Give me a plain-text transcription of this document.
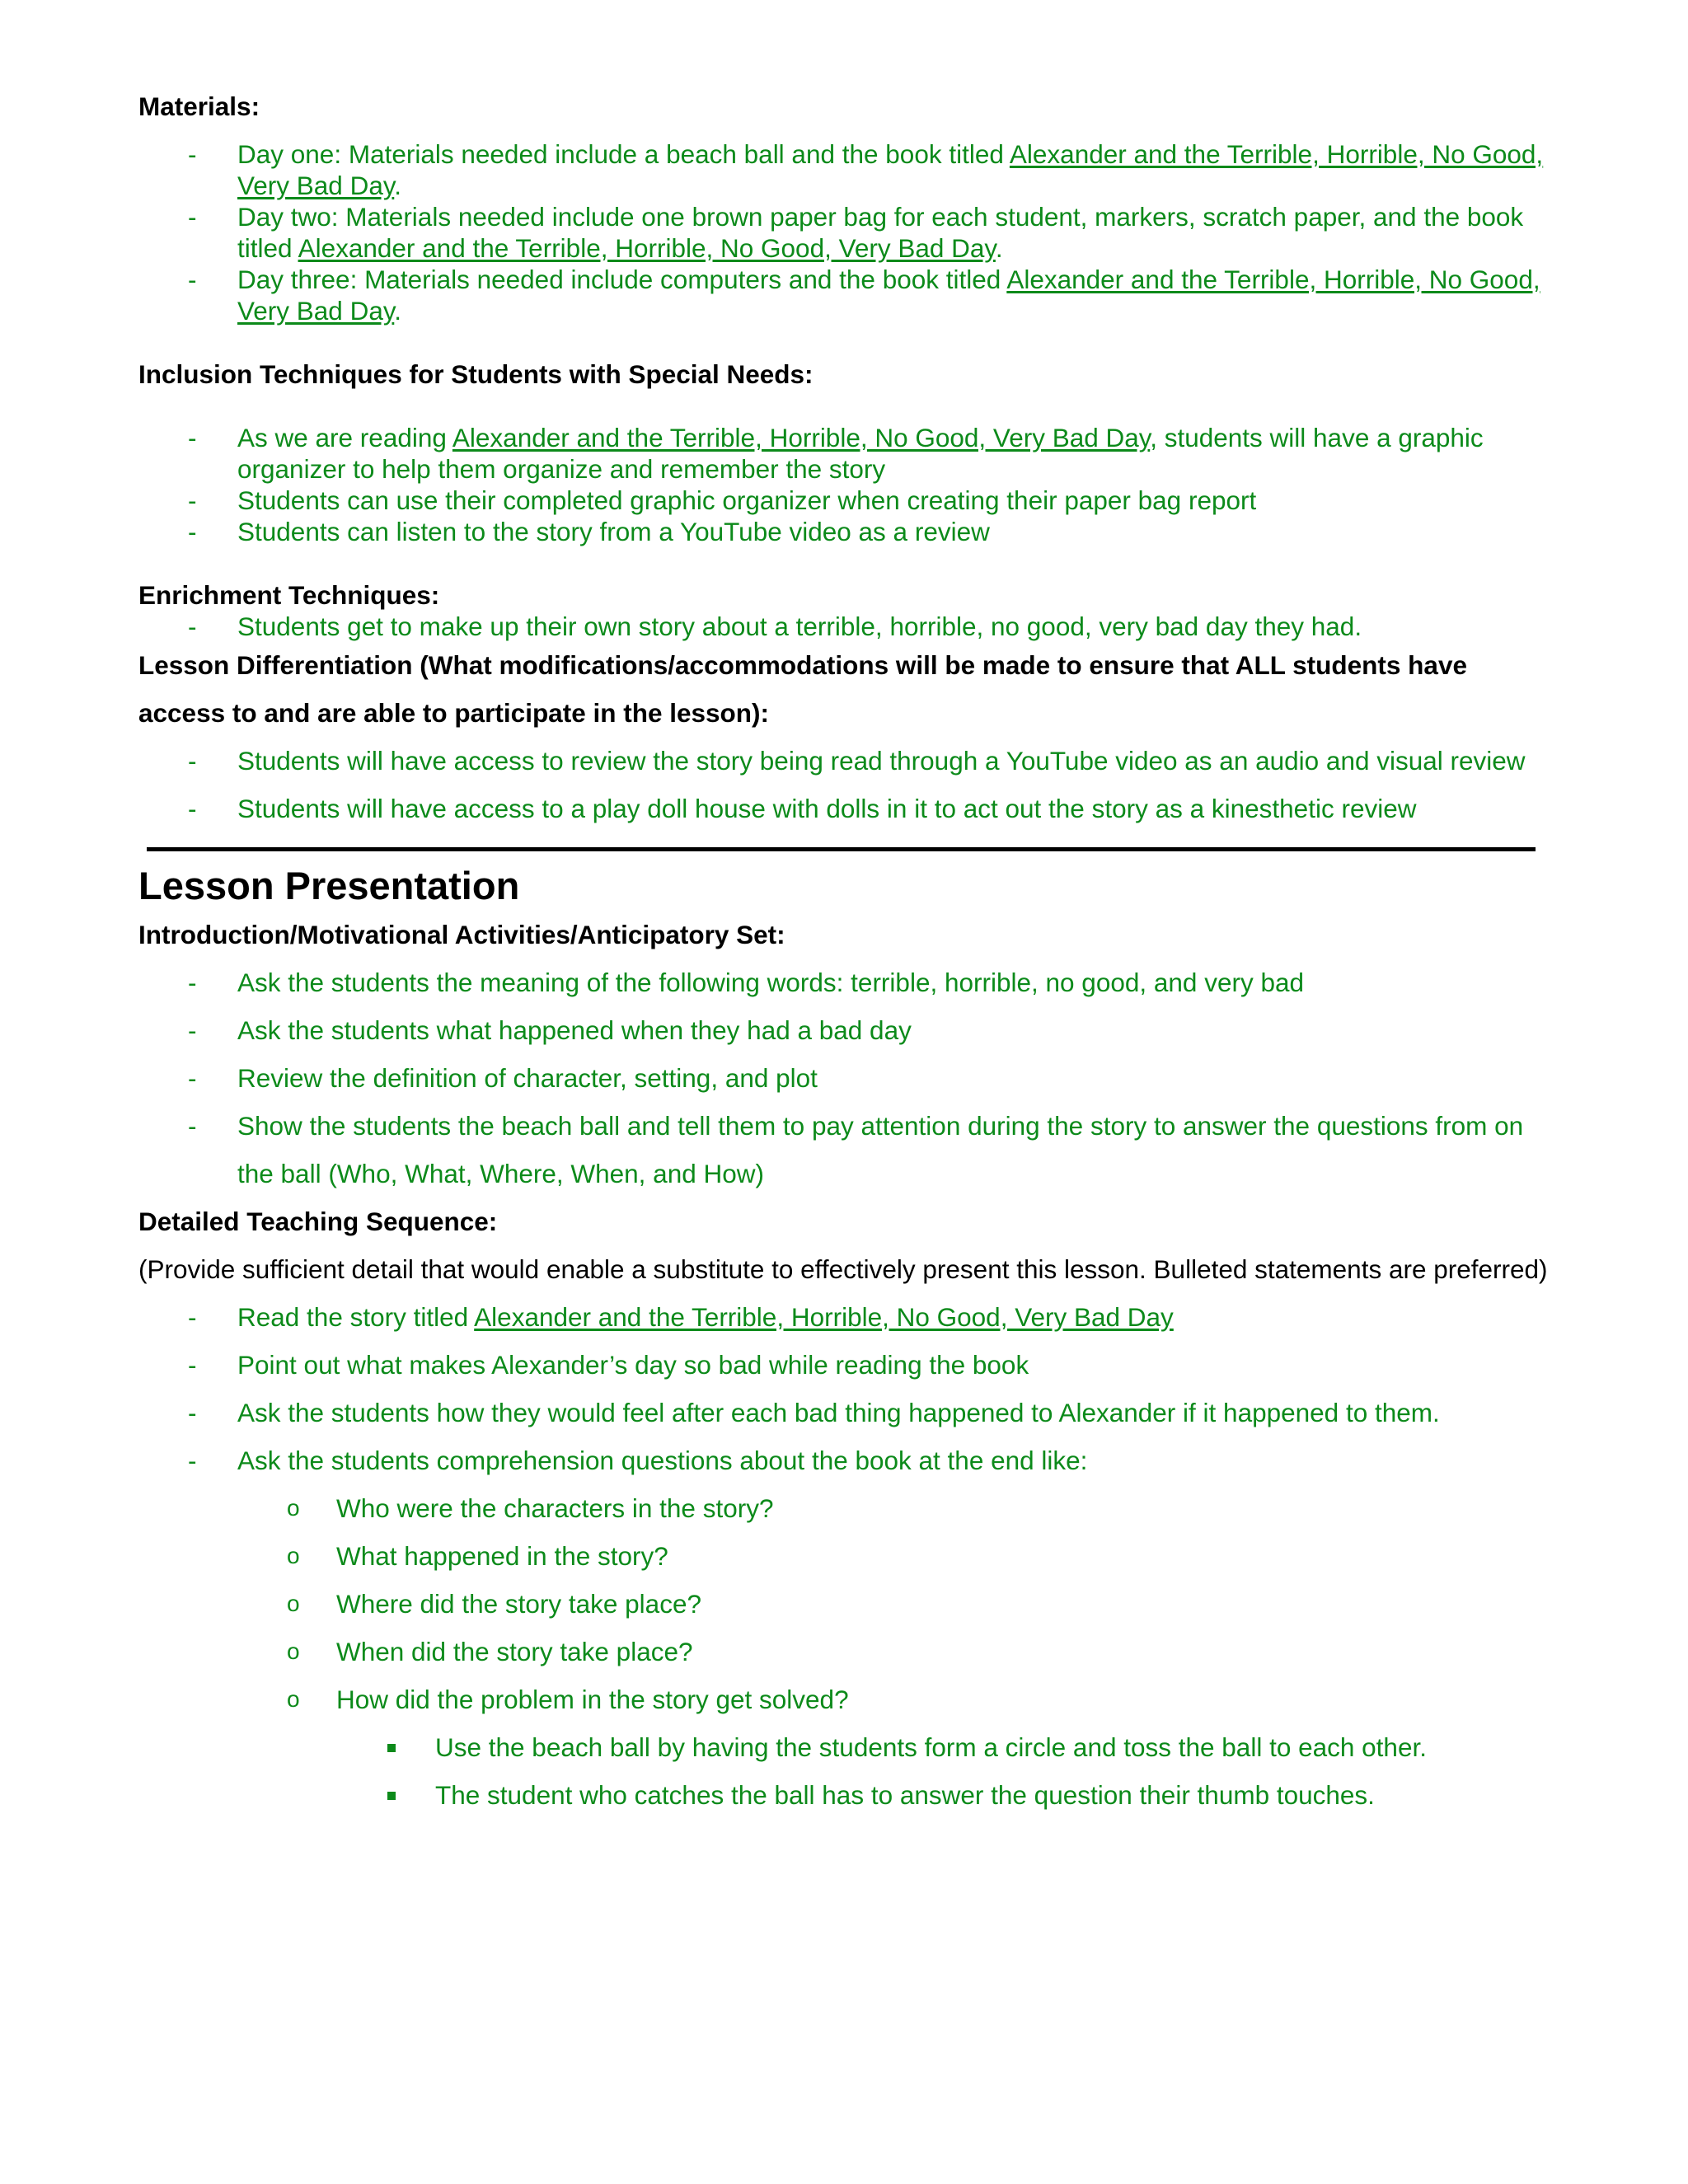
Materials:

- Day one: Materials needed include a beach ball and the book titled Alexander and the Terrible, Horrible, No Good, Very Bad Day.
- Day two: Materials needed include one brown paper bag for each student, markers, scratch paper, and the book titled Alexander and the Terrible, Horrible, No Good, Very Bad Day.
- Day three: Materials needed include computers and the book titled Alexander and the Terrible, Horrible, No Good, Very Bad Day.

Inclusion Techniques for Students with Special Needs:

- As we are reading Alexander and the Terrible, Horrible, No Good, Very Bad Day, students will have a graphic organizer to help them organize and remember the story
- Students can use their completed graphic organizer when creating their paper bag report
- Students can listen to the story from a YouTube video as a review

Enrichment Techniques:

- Students get to make up their own story about a terrible, horrible, no good, very bad day they had.

Lesson Differentiation (What modifications/accommodations will be made to ensure that ALL students have access to and are able to participate in the lesson):

- Students will have access to review the story being read through a YouTube video as an audio and visual review
- Students will have access to a play doll house with dolls in it to act out the story as a kinesthetic review

Lesson Presentation

Introduction/Motivational Activities/Anticipatory Set:

- Ask the students the meaning of the following words: terrible, horrible, no good, and very bad
- Ask the students what happened when they had a bad day
- Review the definition of character, setting, and plot
- Show the students the beach ball and tell them to pay attention during the story to answer the questions from on the ball (Who, What, Where, When, and How)

Detailed Teaching Sequence:

(Provide sufficient detail that would enable a substitute to effectively present this lesson. Bulleted statements are preferred)

- Read the story titled Alexander and the Terrible, Horrible, No Good, Very Bad Day
- Point out what makes Alexander’s day so bad while reading the book
- Ask the students how they would feel after each bad thing happened to Alexander if it happened to them.
- Ask the students comprehension questions about the book at the end like:
o Who were the characters in the story?
o What happened in the story?
o Where did the story take place?
o When did the story take place?
o How did the problem in the story get solved?
Use the beach ball by having the students form a circle and toss the ball to each other.
The student who catches the ball has to answer the question their thumb touches.
